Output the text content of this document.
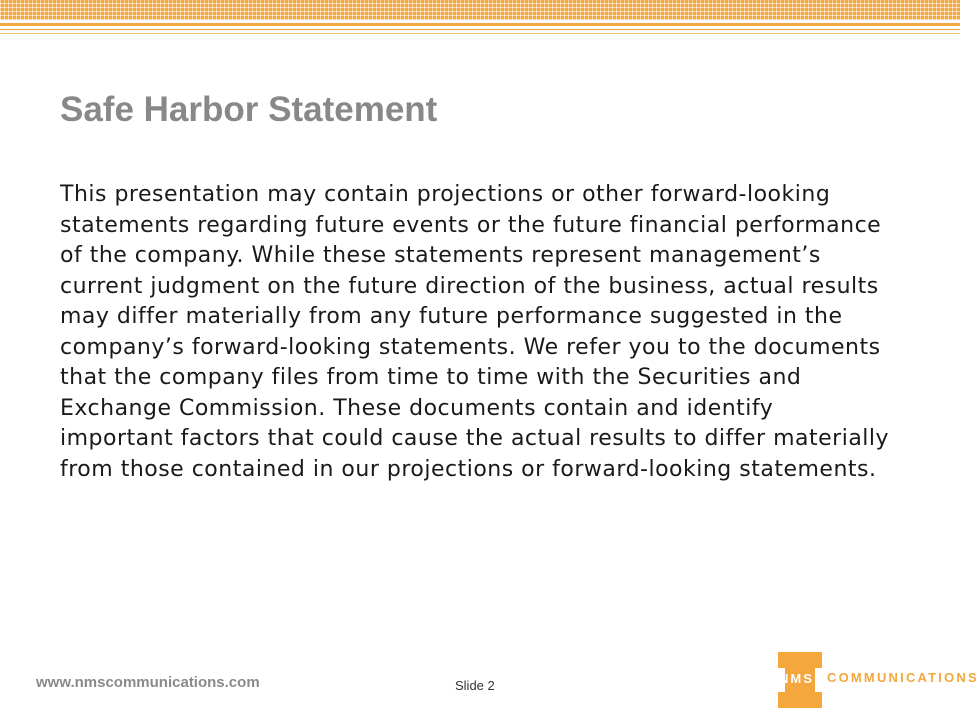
Safe Harbor Statement

This presentation may contain projections or other forward-looking statements regarding future events or the future financial performance of the company. While these statements represent management’s current judgment on the future direction of the business, actual results may differ materially from any future performance suggested in the company’s forward-looking statements. We refer you to the documents that the company files from time to time with the Securities and Exchange Commission. These documents contain and identify important factors that could cause the actual results to differ materially from those contained in our projections or forward-looking statements.

www.nmscommunications.com	Slide 2	NMS COMMUNICATIONS
